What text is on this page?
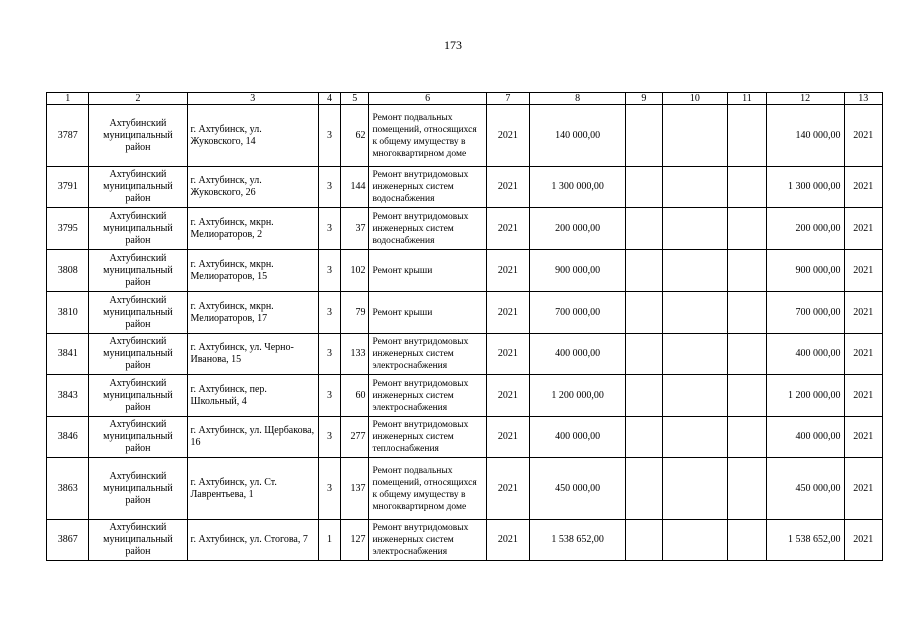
173
1	2	3	4	5	6	7	8	9	10	11	12	13
3787	Ахтубинский муниципальный район	г. Ахтубинск, ул. Жуковского, 14	3	62	Ремонт подвальных помещений, относящихся к общему имуществу в многоквартирном доме	2021	140 000,00				140 000,00	2021
3791	Ахтубинский муниципальный район	г. Ахтубинск, ул. Жуковского, 26	3	144	Ремонт внутридомовых инженерных систем водоснабжения	2021	1 300 000,00				1 300 000,00	2021
3795	Ахтубинский муниципальный район	г. Ахтубинск, мкрн. Мелиораторов, 2	3	37	Ремонт внутридомовых инженерных систем водоснабжения	2021	200 000,00				200 000,00	2021
3808	Ахтубинский муниципальный район	г. Ахтубинск, мкрн. Мелиораторов, 15	3	102	Ремонт крыши	2021	900 000,00				900 000,00	2021
3810	Ахтубинский муниципальный район	г. Ахтубинск, мкрн. Мелиораторов, 17	3	79	Ремонт крыши	2021	700 000,00				700 000,00	2021
3841	Ахтубинский муниципальный район	г. Ахтубинск, ул. Черно-Иванова, 15	3	133	Ремонт внутридомовых инженерных систем электроснабжения	2021	400 000,00				400 000,00	2021
3843	Ахтубинский муниципальный район	г. Ахтубинск, пер. Школьный, 4	3	60	Ремонт внутридомовых инженерных систем электроснабжения	2021	1 200 000,00				1 200 000,00	2021
3846	Ахтубинский муниципальный район	г. Ахтубинск, ул. Щербакова, 16	3	277	Ремонт внутридомовых инженерных систем теплоснабжения	2021	400 000,00				400 000,00	2021
3863	Ахтубинский муниципальный район	г. Ахтубинск, ул. Ст. Лаврентьева, 1	3	137	Ремонт подвальных помещений, относящихся к общему имуществу в многоквартирном доме	2021	450 000,00				450 000,00	2021
3867	Ахтубинский муниципальный район	г. Ахтубинск, ул. Стогова, 7	1	127	Ремонт внутридомовых инженерных систем электроснабжения	2021	1 538 652,00				1 538 652,00	2021
